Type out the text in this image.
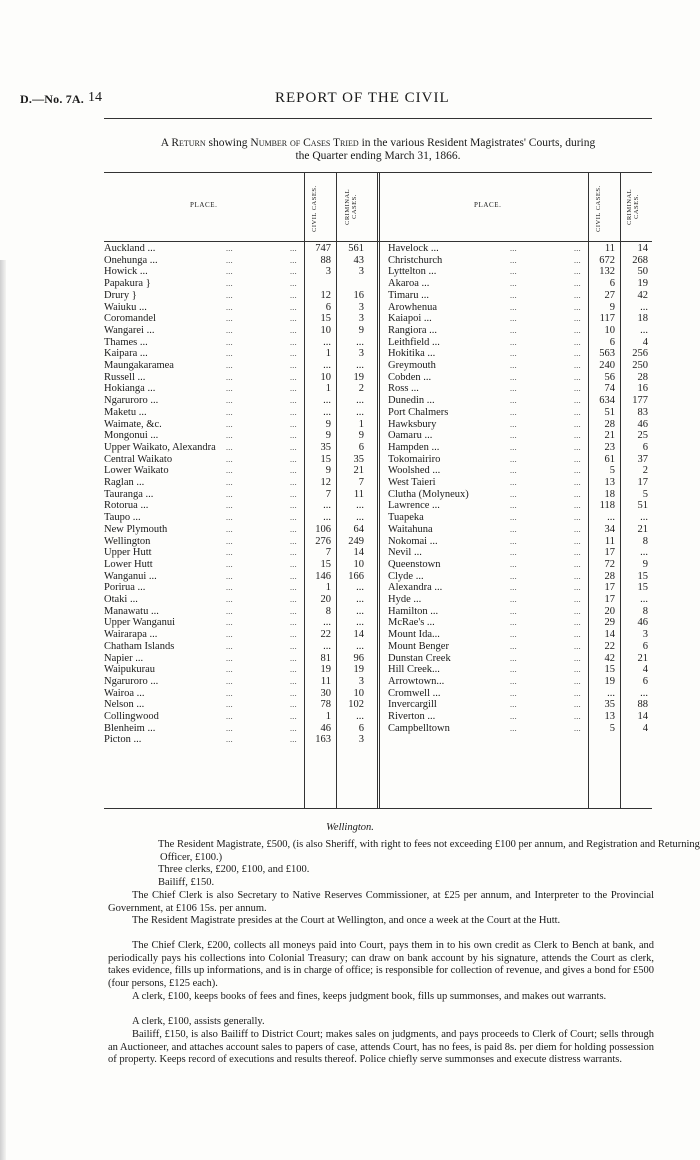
D.—No. 7A. 14	REPORT OF THE CIVIL
A Return showing Number of Cases Tried in the various Resident Magistrates' Courts, during
the Quarter ending March 31, 1866.
PLACE.	CIVIL CASES.	CRIMINAL CASES.	PLACE.	CIVIL CASES.	CRIMINAL CASES.
Auckland ...	...	...	747	561
Onehunga ...	...	...	88	43
Howick ...	...	...	3	3
Papakura }	...	...
Drury }	...	...	12	16
Waiuku ...	...	...	6	3
Coromandel	...	...	15	3
Wangarei ...	...	...	10	9
Thames ...	...	...	...	...
Kaipara ...	...	...	1	3
Maungakaramea	...	...	...	...
Russell ...	...	...	10	19
Hokianga ...	...	...	1	2
Ngaruroro ...	...	...	...	...
Maketu ...	...	...	...	...
Waimate, &c.	...	...	9	1
Mongonui ...	...	...	9	9
Upper Waikato, Alexandra ...	...	35	6
Central Waikato	...	...	15	35
Lower Waikato	...	...	9	21
Raglan ...	...	...	12	7
Tauranga ...	...	...	7	11
Rotorua ...	...	...	...	...
Taupo ...	...	...	...	...
New Plymouth	...	...	106	64
Wellington	...	...	276	249
Upper Hutt	...	...	7	14
Lower Hutt	...	...	15	10
Wanganui ...	...	...	146	166
Porirua ...	...	...	1	...
Otaki ...	...	...	20	...
Manawatu ...	...	...	8	...
Upper Wanganui	...	...	...	...
Wairarapa ...	...	...	22	14
Chatham Islands	...	...	...	...
Napier ...	...	...	81	96
Waipukurau	...	...	19	19
Ngaruroro ...	...	...	11	3
Wairoa ...	...	...	30	10
Nelson ...	...	...	78	102
Collingwood	...	...	1	...
Blenheim ...	...	...	46	6
Picton ...	...	...	163	3
Havelock ...	...	...	11	14
Christchurch	...	...	672	268
Lyttelton ...	...	...	132	50
Akaroa ...	...	...	6	19
Timaru ...	...	...	27	42
Arowhenua	...	...	9	...
Kaiapoi ...	...	...	117	18
Rangiora ...	...	...	10	...
Leithfield ...	...	...	6	4
Hokitika ...	...	...	563	256
Greymouth	...	...	240	250
Cobden ...	...	...	56	28
Ross ...	...	...	74	16
Dunedin ...	...	...	634	177
Port Chalmers	...	...	51	83
Hawksbury	...	...	28	46
Oamaru ...	...	...	21	25
Hampden ...	...	...	23	6
Tokomairiro	...	...	61	37
Woolshed ...	...	...	5	2
West Taieri	...	...	13	17
Clutha (Molyneux)	...	...	18	5
Lawrence ...	...	...	118	51
Tuapeka	...	...	...	...
Waitahuna	...	...	34	21
Nokomai ...	...	...	11	8
Nevil ...	...	...	17	...
Queenstown	...	...	72	9
Clyde ...	...	...	28	15
Alexandra ...	...	...	17	15
Hyde ...	...	...	17	...
Hamilton ...	...	...	20	8
McRae's ...	...	...	29	46
Mount Ida...	...	...	14	3
Mount Benger	...	...	22	6
Dunstan Creek	...	...	42	21
Hill Creek...	...	...	15	4
Arrowtown...	...	...	19	6
Cromwell ...	...	...	...	...
Invercargill	...	...	35	88
Riverton ...	...	...	13	14
Campbelltown	...	...	5	4
Wellington.
The Resident Magistrate, £500, (is also Sheriff, with right to fees not exceeding £100 per annum, and Registration and Returning Officer, £100.)
Three clerks, £200, £100, and £100.
Bailiff, £150.
The Chief Clerk is also Secretary to Native Reserves Commissioner, at £25 per annum, and Interpreter to the Provincial Government, at £106 15s. per annum.
The Resident Magistrate presides at the Court at Wellington, and once a week at the Court at the Hutt.
The Chief Clerk, £200, collects all moneys paid into Court, pays them in to his own credit as Clerk to Bench at bank, and periodically pays his collections into Colonial Treasury; can draw on bank account by his signature, attends the Court as clerk, takes evidence, fills up informations, and is in charge of office; is responsible for collection of revenue, and gives a bond for £500 (four persons, £125 each).
A clerk, £100, keeps books of fees and fines, keeps judgment book, fills up summonses, and makes out warrants.
A clerk, £100, assists generally.
Bailiff, £150, is also Bailiff to District Court; makes sales on judgments, and pays proceeds to Clerk of Court; sells through an Auctioneer, and attaches account sales to papers of case, attends Court, has no fees, is paid 8s. per diem for holding possession of property. Keeps record of executions and results thereof. Police chiefly serve summonses and execute distress warrants.
